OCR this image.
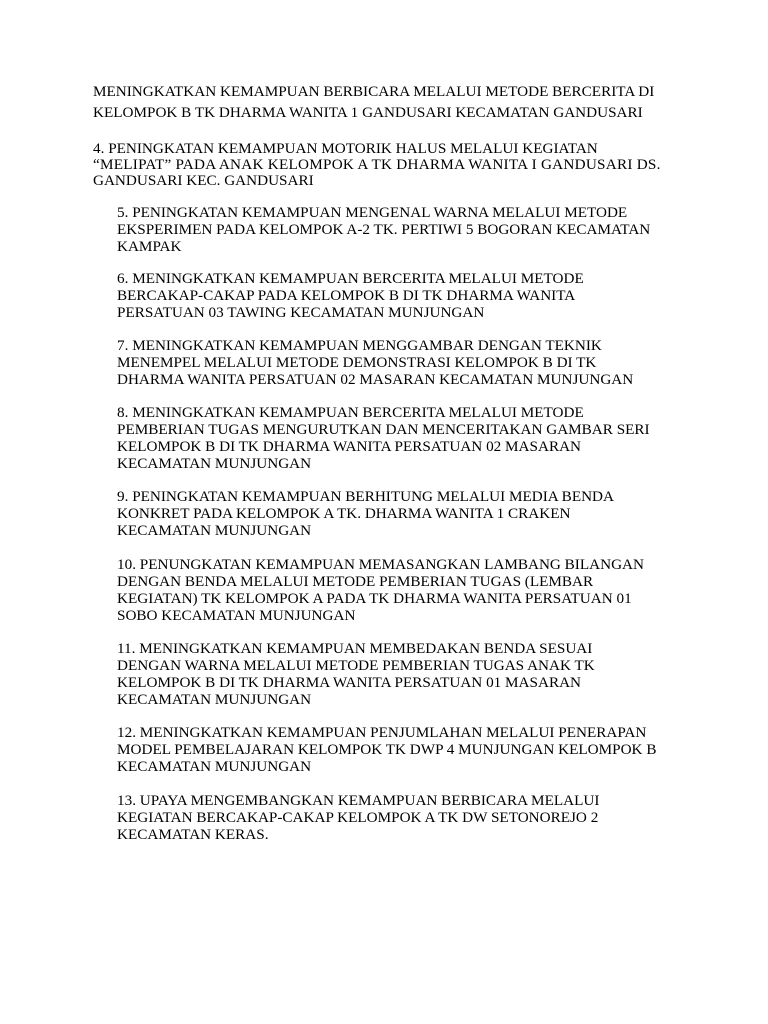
MENINGKATKAN KEMAMPUAN BERBICARA MELALUI METODE BERCERITA DI

KELOMPOK B TK DHARMA WANITA 1 GANDUSARI KECAMATAN GANDUSARI

4. PENINGKATAN KEMAMPUAN MOTORIK HALUS MELALUI KEGIATAN

“MELIPAT” PADA ANAK KELOMPOK A TK DHARMA WANITA I GANDUSARI DS.

GANDUSARI KEC. GANDUSARI

5. PENINGKATAN KEMAMPUAN MENGENAL WARNA MELALUI METODE

EKSPERIMEN PADA KELOMPOK A-2 TK. PERTIWI 5 BOGORAN KECAMATAN

KAMPAK

6. MENINGKATKAN KEMAMPUAN BERCERITA MELALUI METODE

BERCAKAP-CAKAP PADA KELOMPOK B DI TK DHARMA WANITA

PERSATUAN 03 TAWING KECAMATAN MUNJUNGAN

7. MENINGKATKAN KEMAMPUAN MENGGAMBAR DENGAN TEKNIK

MENEMPEL MELALUI METODE DEMONSTRASI KELOMPOK B DI TK

DHARMA WANITA PERSATUAN 02 MASARAN KECAMATAN MUNJUNGAN

8. MENINGKATKAN KEMAMPUAN BERCERITA MELALUI METODE

PEMBERIAN TUGAS MENGURUTKAN DAN MENCERITAKAN GAMBAR SERI

KELOMPOK B DI TK DHARMA WANITA PERSATUAN 02 MASARAN

KECAMATAN MUNJUNGAN

9. PENINGKATAN KEMAMPUAN BERHITUNG MELALUI MEDIA BENDA

KONKRET PADA KELOMPOK A TK. DHARMA WANITA 1 CRAKEN

KECAMATAN MUNJUNGAN

10. PENUNGKATAN KEMAMPUAN MEMASANGKAN LAMBANG BILANGAN

DENGAN BENDA MELALUI METODE PEMBERIAN TUGAS (LEMBAR

KEGIATAN) TK KELOMPOK A PADA TK DHARMA WANITA PERSATUAN 01

SOBO KECAMATAN MUNJUNGAN

11. MENINGKATKAN KEMAMPUAN MEMBEDAKAN BENDA SESUAI

DENGAN WARNA MELALUI METODE PEMBERIAN TUGAS ANAK TK

KELOMPOK B DI TK DHARMA WANITA PERSATUAN 01 MASARAN

KECAMATAN MUNJUNGAN

12. MENINGKATKAN KEMAMPUAN PENJUMLAHAN MELALUI PENERAPAN

MODEL PEMBELAJARAN KELOMPOK TK DWP 4 MUNJUNGAN KELOMPOK B

KECAMATAN MUNJUNGAN

13. UPAYA MENGEMBANGKAN KEMAMPUAN BERBICARA MELALUI

KEGIATAN BERCAKAP-CAKAP KELOMPOK A TK DW SETONOREJO 2

KECAMATAN KERAS.
